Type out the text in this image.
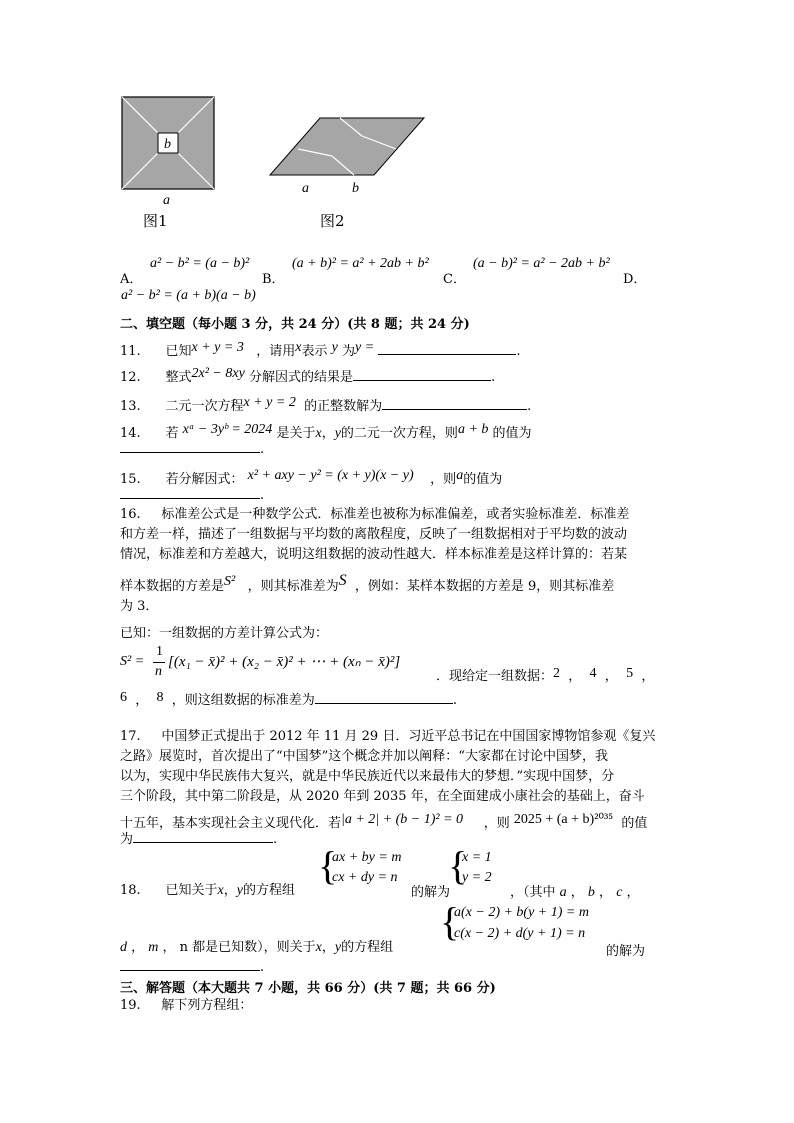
b
a
图1
a	b
图2
A．
a² − b² = (a − b)²
B．
(a + b)² = a² + 2ab + b²
C．
(a − b)² = a² − 2ab + b²
D．
a² − b² = (a + b)(a − b)
二、填空题（每小题 3 分，共 24 分）(共 8 题；共 24 分)
11. 已知x + y = 3 ，请用x表示 y 为y =	.
12. 整式2x² − 8xy 分解因式的结果是	.
13. 二元一次方程x + y = 2 的正整数解为	.
14. 若 xᵃ − 3yᵇ = 2024 是关于x，y的二元一次方程，则a + b 的值为
.
15. 若分解因式： x² + axy − y² = (x + y)(x − y) ，则a的值为
.
16. 标准差公式是一种数学公式．标准差也被称为标准偏差，或者实验标准差．标准差
和方差一样，描述了一组数据与平均数的离散程度，反映了一组数据相对于平均数的波动
情况，标准差和方差越大，说明这组数据的波动性越大．样本标准差是这样计算的：若某
样本数据的方差是S² ，则其标准差为S ，例如：某样本数据的方差是 9，则其标准差
为 3．
已知：一组数据的方差计算公式为：
S² =
1
n
[(x₁ − x̄)² + (x₂ − x̄)² + ⋯ + (xₙ − x̄)²]
．现给定一组数据：2  ，  4  ，  5  ，
6  ，  8 ，则这组数据的标准差为	.
17. 中国梦正式提出于 2012 年 11 月 29 日．习近平总书记在中国国家博物馆参观《复兴
之路》展览时，首次提出了“中国梦”这个概念并加以阐释：“大家都在讨论中国梦，我
以为，实现中华民族伟大复兴，就是中华民族近代以来最伟大的梦想．”实现中国梦，分
三个阶段，其中第二阶段是，从 2020 年到 2035 年，在全面建成小康社会的基础上，奋斗
十五年，基本实现社会主义现代化．若|a + 2| + (b − 1)² = 0 ，则 2025 + (a + b)²⁰³⁵ 的值
为	.
{
ax + by = m
cx + dy = n {
x = 1
y = 2
18. 已知关于x，y的方程组	的解为	，（其中 a ， b ， c ，
{
a(x − 2) + b(y + 1) = m
c(x − 2) + d(y + 1) = n
d ， m ， n 都是已知数），则关于x，y的方程组	的解为
.
三、解答题（本大题共 7 小题，共 66 分）(共 7 题；共 66 分)
19. 解下列方程组：
